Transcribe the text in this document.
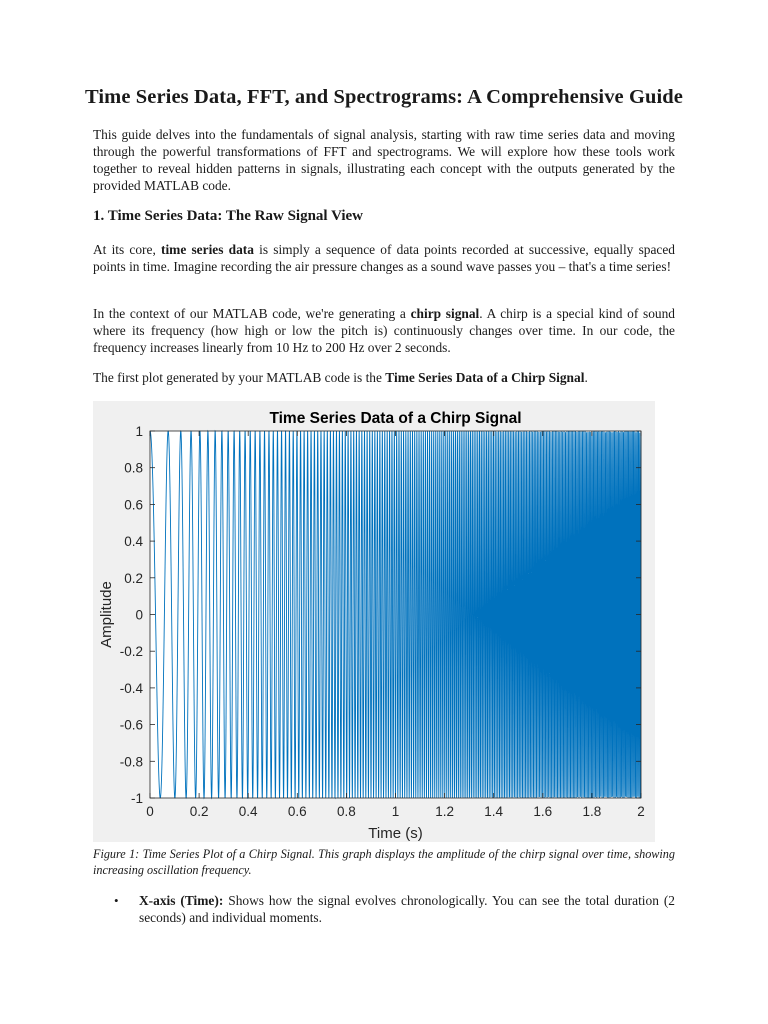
Time Series Data, FFT, and Spectrograms: A Comprehensive Guide

This guide delves into the fundamentals of signal analysis, starting with raw time series data and moving through the powerful transformations of FFT and spectrograms. We will explore how these tools work together to reveal hidden patterns in signals, illustrating each concept with the outputs generated by the provided MATLAB code.

1. Time Series Data: The Raw Signal View

At its core, time series data is simply a sequence of data points recorded at successive, equally spaced points in time. Imagine recording the air pressure changes as a sound wave passes you – that's a time series!

In the context of our MATLAB code, we're generating a chirp signal. A chirp is a special kind of sound where its frequency (how high or low the pitch is) continuously changes over time. In our code, the frequency increases linearly from 10 Hz to 200 Hz over 2 seconds.

The first plot generated by your MATLAB code is the Time Series Data of a Chirp Signal.

0	0.2 0.4 0.6 0.8	1	1.2 1.4 1.6 1.8	2
1
0.8
0.6
0.4
0.2
0
-0.2
-0.4
-0.6
-0.8
-1
Time Series Data of a Chirp Signal
Time (s)
Amplitude

Figure 1: Time Series Plot of a Chirp Signal. This graph displays the amplitude of the chirp signal over time, showing increasing oscillation frequency.

• X-axis (Time): Shows how the signal evolves chronologically. You can see the total duration (2 seconds) and individual moments.
